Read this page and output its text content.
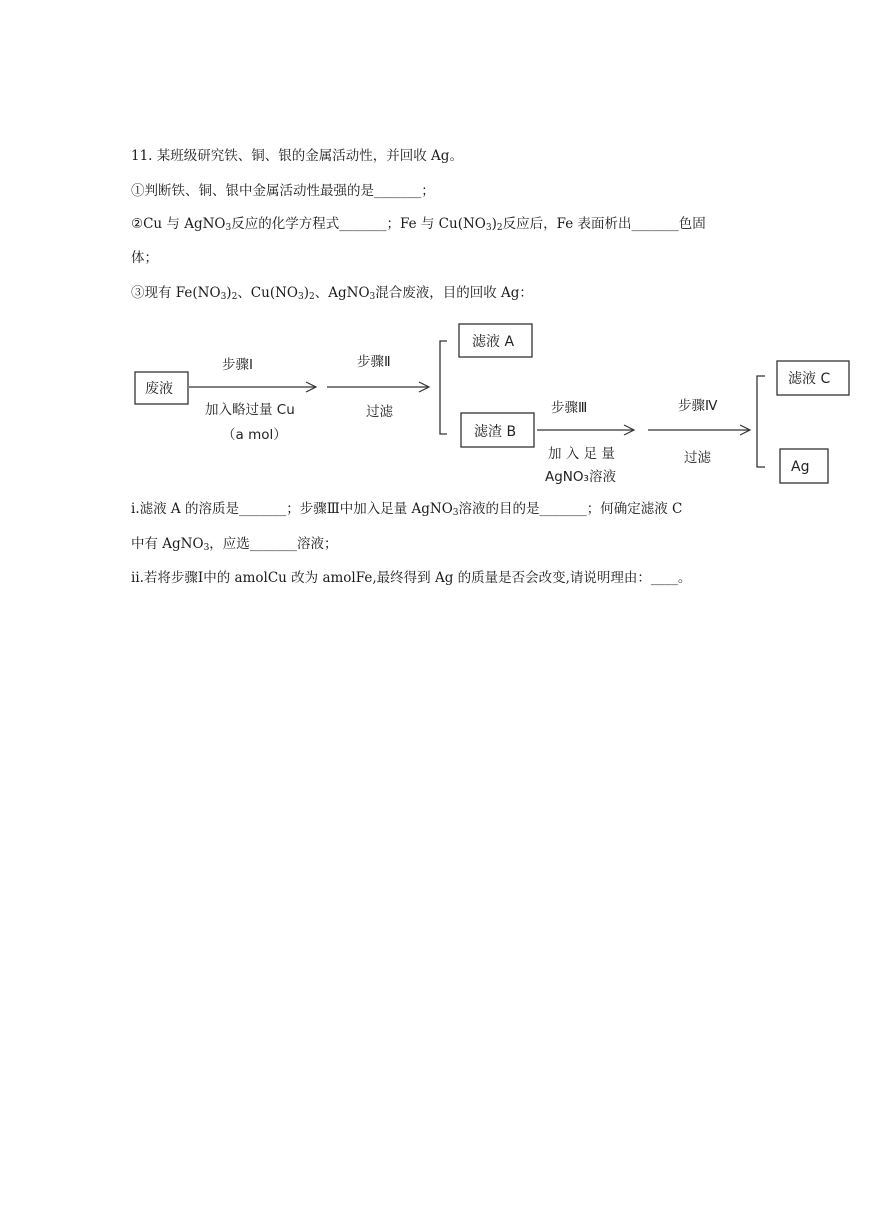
11. 某班级研究铁、铜、银的金属活动性，并回收 Ag。
①判断铁、铜、银中金属活动性最强的是_______；
②Cu 与 AgNO$_3$反应的化学方程式_______；Fe 与 $Cu(NO_3)_2$反应后，Fe 表面析出_______色固
体；
③现有 $Fe(NO_3)_2$、$Cu(NO_3)_2$、AgNO$_3$混合废液，目的回收 Ag：
废液
步骤Ⅰ
加入略过量 Cu
（a mol）
步骤Ⅱ
过滤
滤液 A
滤渣 B
步骤Ⅲ
加 入 足 量
AgNO₃溶液
步骤Ⅳ
过滤
滤液 C
Ag
ⅰ.滤液 A 的溶质是_______；步骤Ⅲ中加入足量 AgNO$_3$溶液的目的是_______；何确定滤液 C
中有 AgNO$_3$，应选_______溶液；
ⅱ.若将步骤Ⅰ中的 amolCu 改为 amolFe,最终得到 Ag 的质量是否会改变,请说明理由：____。
